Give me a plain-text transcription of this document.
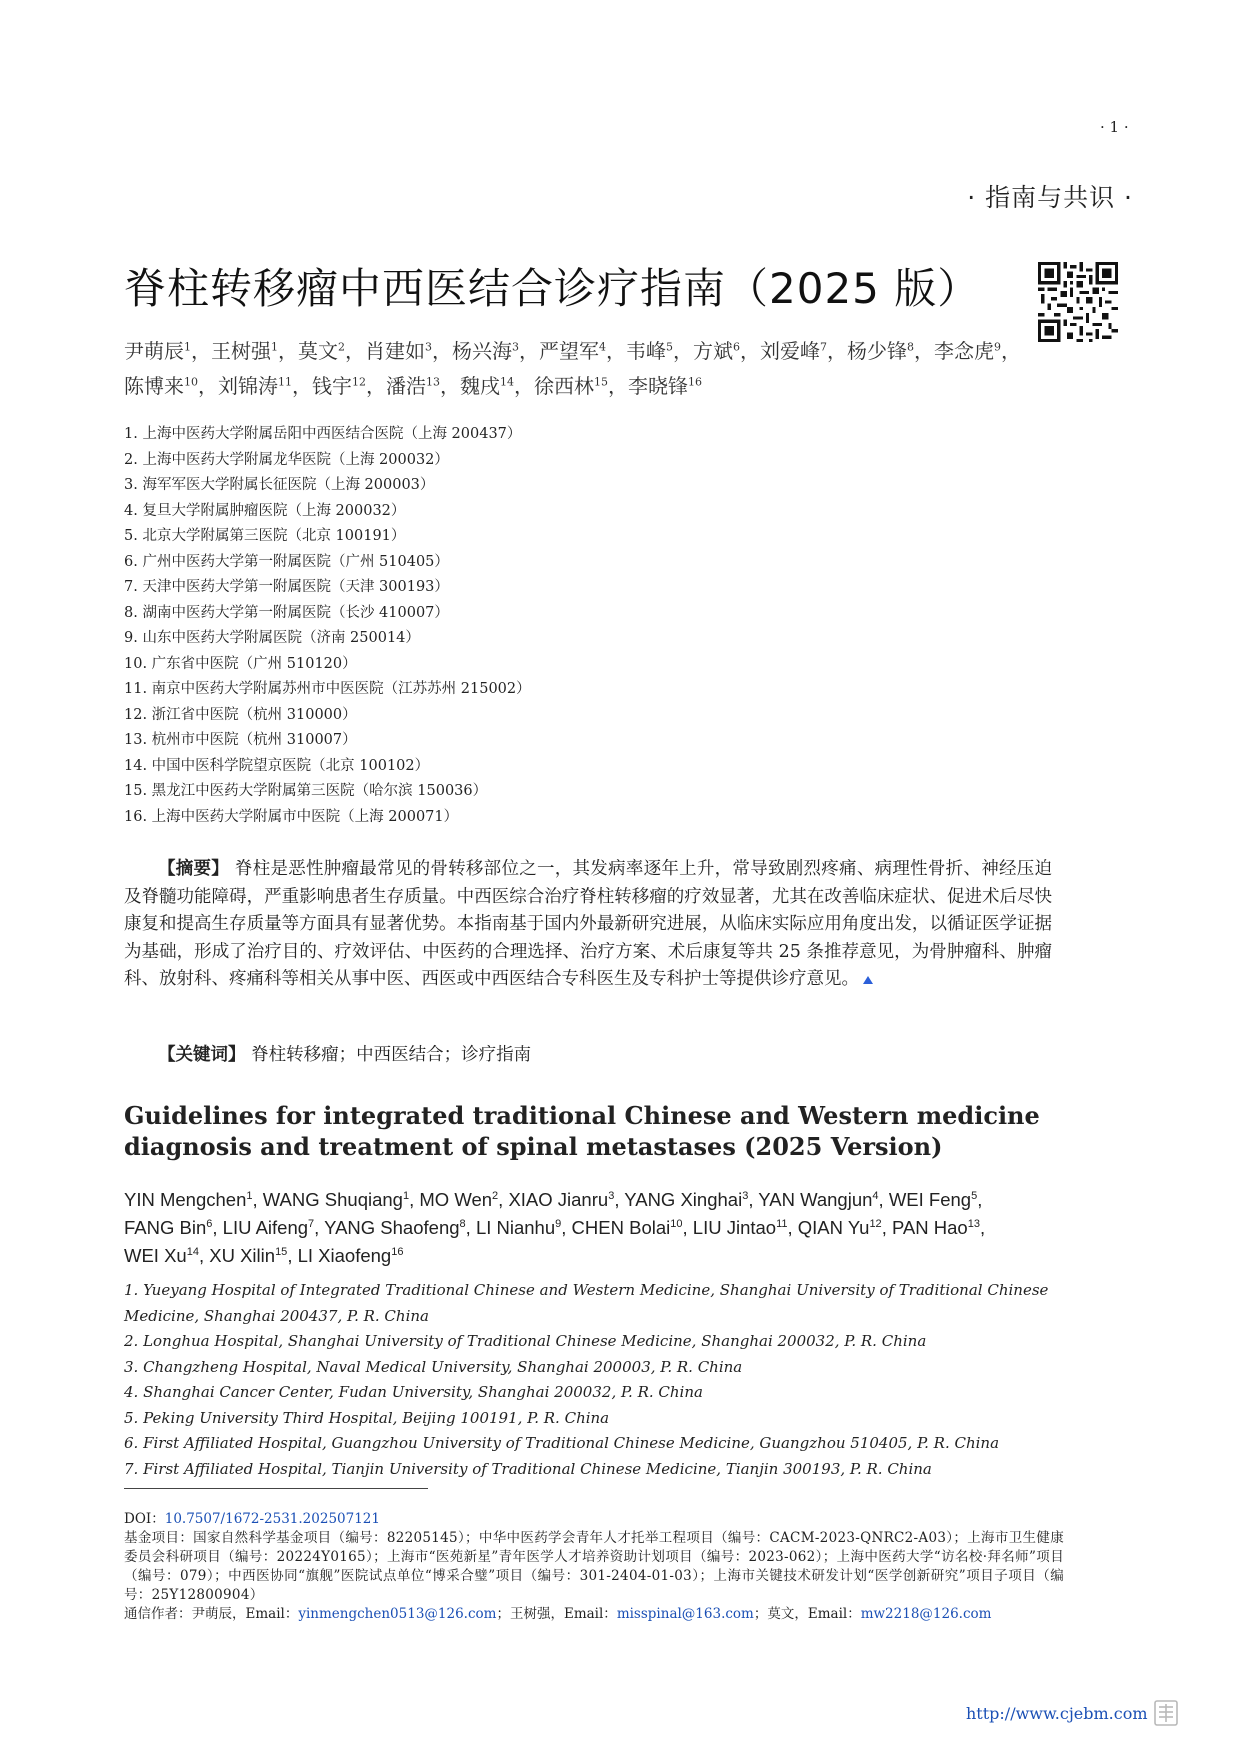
· 1 ·
· 指南与共识 ·
脊柱转移瘤中西医结合诊疗指南（2025 版）
尹萌辰$^1$，王树强$^1$，莫文$^2$，肖建如$^3$，杨兴海$^3$，严望军$^4$，韦峰$^5$，方斌$^6$，刘爱峰$^7$，杨少锋$^8$，李念虎$^9$，陈博来$^{10}$，刘锦涛$^{11}$，钱宇$^{12}$，潘浩$^{13}$，魏戌$^{14}$，徐西林$^{15}$，李晓锋$^{16}$
1. 上海中医药大学附属岳阳中西医结合医院（上海 200437）
2. 上海中医药大学附属龙华医院（上海 200032）
3. 海军军医大学附属长征医院（上海 200003）
4. 复旦大学附属肿瘤医院（上海 200032）
5. 北京大学附属第三医院（北京 100191）
6. 广州中医药大学第一附属医院（广州 510405）
7. 天津中医药大学第一附属医院（天津 300193）
8. 湖南中医药大学第一附属医院（长沙 410007）
9. 山东中医药大学附属医院（济南 250014）
10. 广东省中医院（广州 510120）
11. 南京中医药大学附属苏州市中医医院（江苏苏州 215002）
12. 浙江省中医院（杭州 310000）
13. 杭州市中医院（杭州 310007）
14. 中国中医科学院望京医院（北京 100102）
15. 黑龙江中医药大学附属第三医院（哈尔滨 150036）
16. 上海中医药大学附属市中医院（上海 200071）

【摘要】 脊柱是恶性肿瘤最常见的骨转移部位之一，其发病率逐年上升，常导致剧烈疼痛、病理性骨折、神经压迫及脊髓功能障碍，严重影响患者生存质量。中西医综合治疗脊柱转移瘤的疗效显著，尤其在改善临床症状、促进术后尽快康复和提高生存质量等方面具有显著优势。本指南基于国内外最新研究进展，从临床实际应用角度出发，以循证医学证据为基础，形成了治疗目的、疗效评估、中医药的合理选择、治疗方案、术后康复等共 25 条推荐意见，为骨肿瘤科、肿瘤科、放射科、疼痛科等相关从事中医、西医或中西医结合专科医生及专科护士等提供诊疗意见。

【关键词】 脊柱转移瘤；中西医结合；诊疗指南
Guidelines for integrated traditional Chinese and Western medicine diagnosis and treatment of spinal metastases (2025 Version)
YIN Mengchen$^1$, WANG Shuqiang$^1$, MO Wen$^2$, XIAO Jianru$^3$, YANG Xinghai$^3$, YAN Wangjun$^4$, WEI Feng$^5$, FANG Bin$^6$, LIU Aifeng$^7$, YANG Shaofeng$^8$, LI Nianhu$^9$, CHEN Bolai$^{10}$, LIU Jintao$^{11}$, QIAN Yu$^{12}$, PAN Hao$^{13}$, WEI Xu$^{14}$, XU Xilin$^{15}$, LI Xiaofeng$^{16}$
1. Yueyang Hospital of Integrated Traditional Chinese and Western Medicine, Shanghai University of Traditional Chinese Medicine, Shanghai 200437, P. R. China
2. Longhua Hospital, Shanghai University of Traditional Chinese Medicine, Shanghai 200032, P. R. China
3. Changzheng Hospital, Naval Medical University, Shanghai 200003, P. R. China
4. Shanghai Cancer Center, Fudan University, Shanghai 200032, P. R. China
5. Peking University Third Hospital, Beijing 100191, P. R. China
6. First Affiliated Hospital, Guangzhou University of Traditional Chinese Medicine, Guangzhou 510405, P. R. China
7. First Affiliated Hospital, Tianjin University of Traditional Chinese Medicine, Tianjin 300193, P. R. China
DOI：10.7507/1672-2531.202507121
基金项目：国家自然科学基金项目（编号：82205145）；中华中医药学会青年人才托举工程项目（编号：CACM-2023-QNRC2-A03）；上海市卫生健康委员会科研项目（编号：20224Y0165）；上海市“医苑新星”青年医学人才培养资助计划项目（编号：2023-062）；上海中医药大学“访名校·拜名师”项目（编号：079）；中西医协同“旗舰”医院试点单位“博采合璧”项目（编号：301-2404-01-03）；上海市关键技术研发计划“医学创新研究”项目子项目（编号：25Y12800904）
通信作者：尹萌辰，Email：yinmengchen0513@126.com；王树强，Email：misspinal@163.com；莫文，Email：mw2218@126.com
http://www.cjebm.com
